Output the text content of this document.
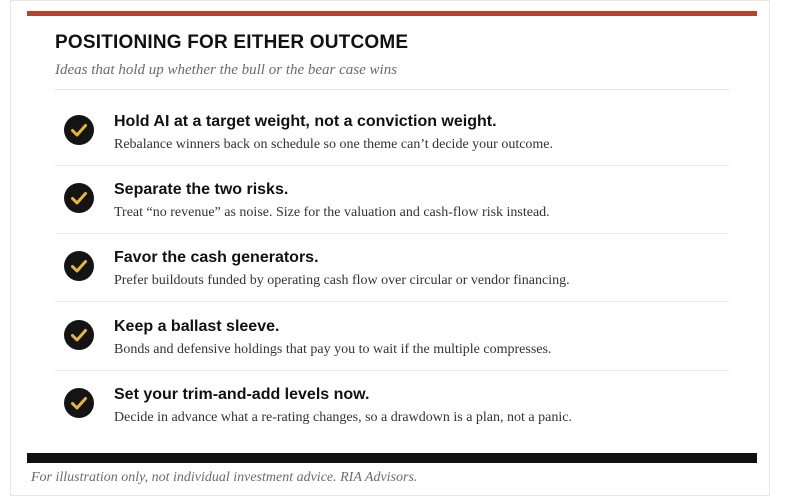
POSITIONING FOR EITHER OUTCOME
Ideas that hold up whether the bull or the bear case wins
Hold AI at a target weight, not a conviction weight.
Rebalance winners back on schedule so one theme can’t decide your outcome.
Separate the two risks.
Treat “no revenue” as noise. Size for the valuation and cash-flow risk instead.
Favor the cash generators.
Prefer buildouts funded by operating cash flow over circular or vendor financing.
Keep a ballast sleeve.
Bonds and defensive holdings that pay you to wait if the multiple compresses.
Set your trim-and-add levels now.
Decide in advance what a re-rating changes, so a drawdown is a plan, not a panic.
For illustration only, not individual investment advice. RIA Advisors.
